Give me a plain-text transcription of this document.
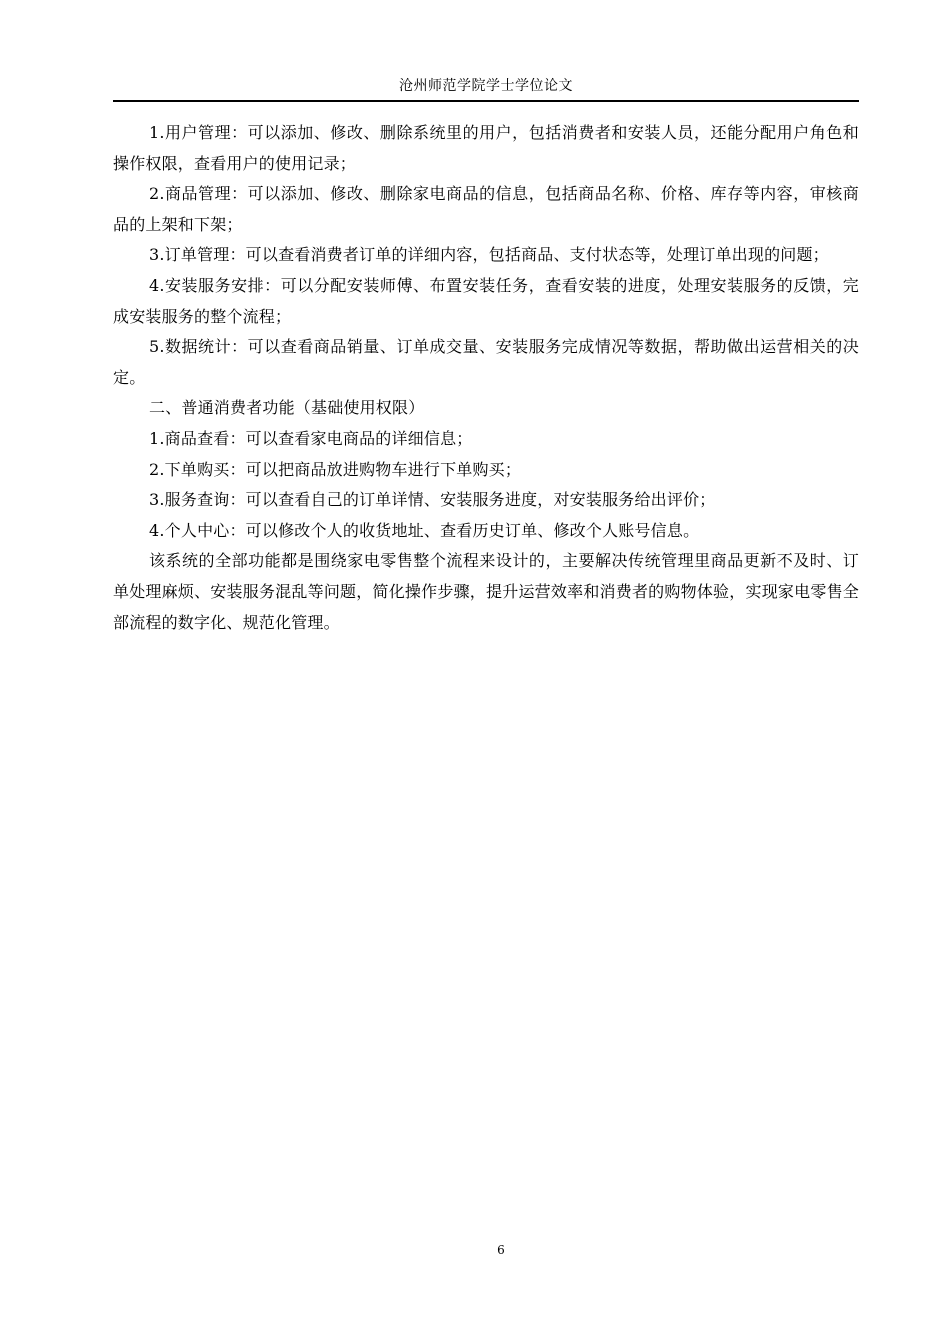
沧州师范学院学士学位论文

1.用户管理：可以添加、修改、删除系统里的用户，包括消费者和安装人员，还能分配用户角色和操作权限，查看用户的使用记录；

2.商品管理：可以添加、修改、删除家电商品的信息，包括商品名称、价格、库存等内容，审核商品的上架和下架；

3.订单管理：可以查看消费者订单的详细内容，包括商品、支付状态等，处理订单出现的问题；

4.安装服务安排：可以分配安装师傅、布置安装任务，查看安装的进度，处理安装服务的反馈，完成安装服务的整个流程；

5.数据统计：可以查看商品销量、订单成交量、安装服务完成情况等数据，帮助做出运营相关的决定。

二、普通消费者功能（基础使用权限）

1.商品查看：可以查看家电商品的详细信息；

2.下单购买：可以把商品放进购物车进行下单购买；

3.服务查询：可以查看自己的订单详情、安装服务进度，对安装服务给出评价；

4.个人中心：可以修改个人的收货地址、查看历史订单、修改个人账号信息。

该系统的全部功能都是围绕家电零售整个流程来设计的，主要解决传统管理里商品更新不及时、订单处理麻烦、安装服务混乱等问题，简化操作步骤，提升运营效率和消费者的购物体验，实现家电零售全部流程的数字化、规范化管理。

6
